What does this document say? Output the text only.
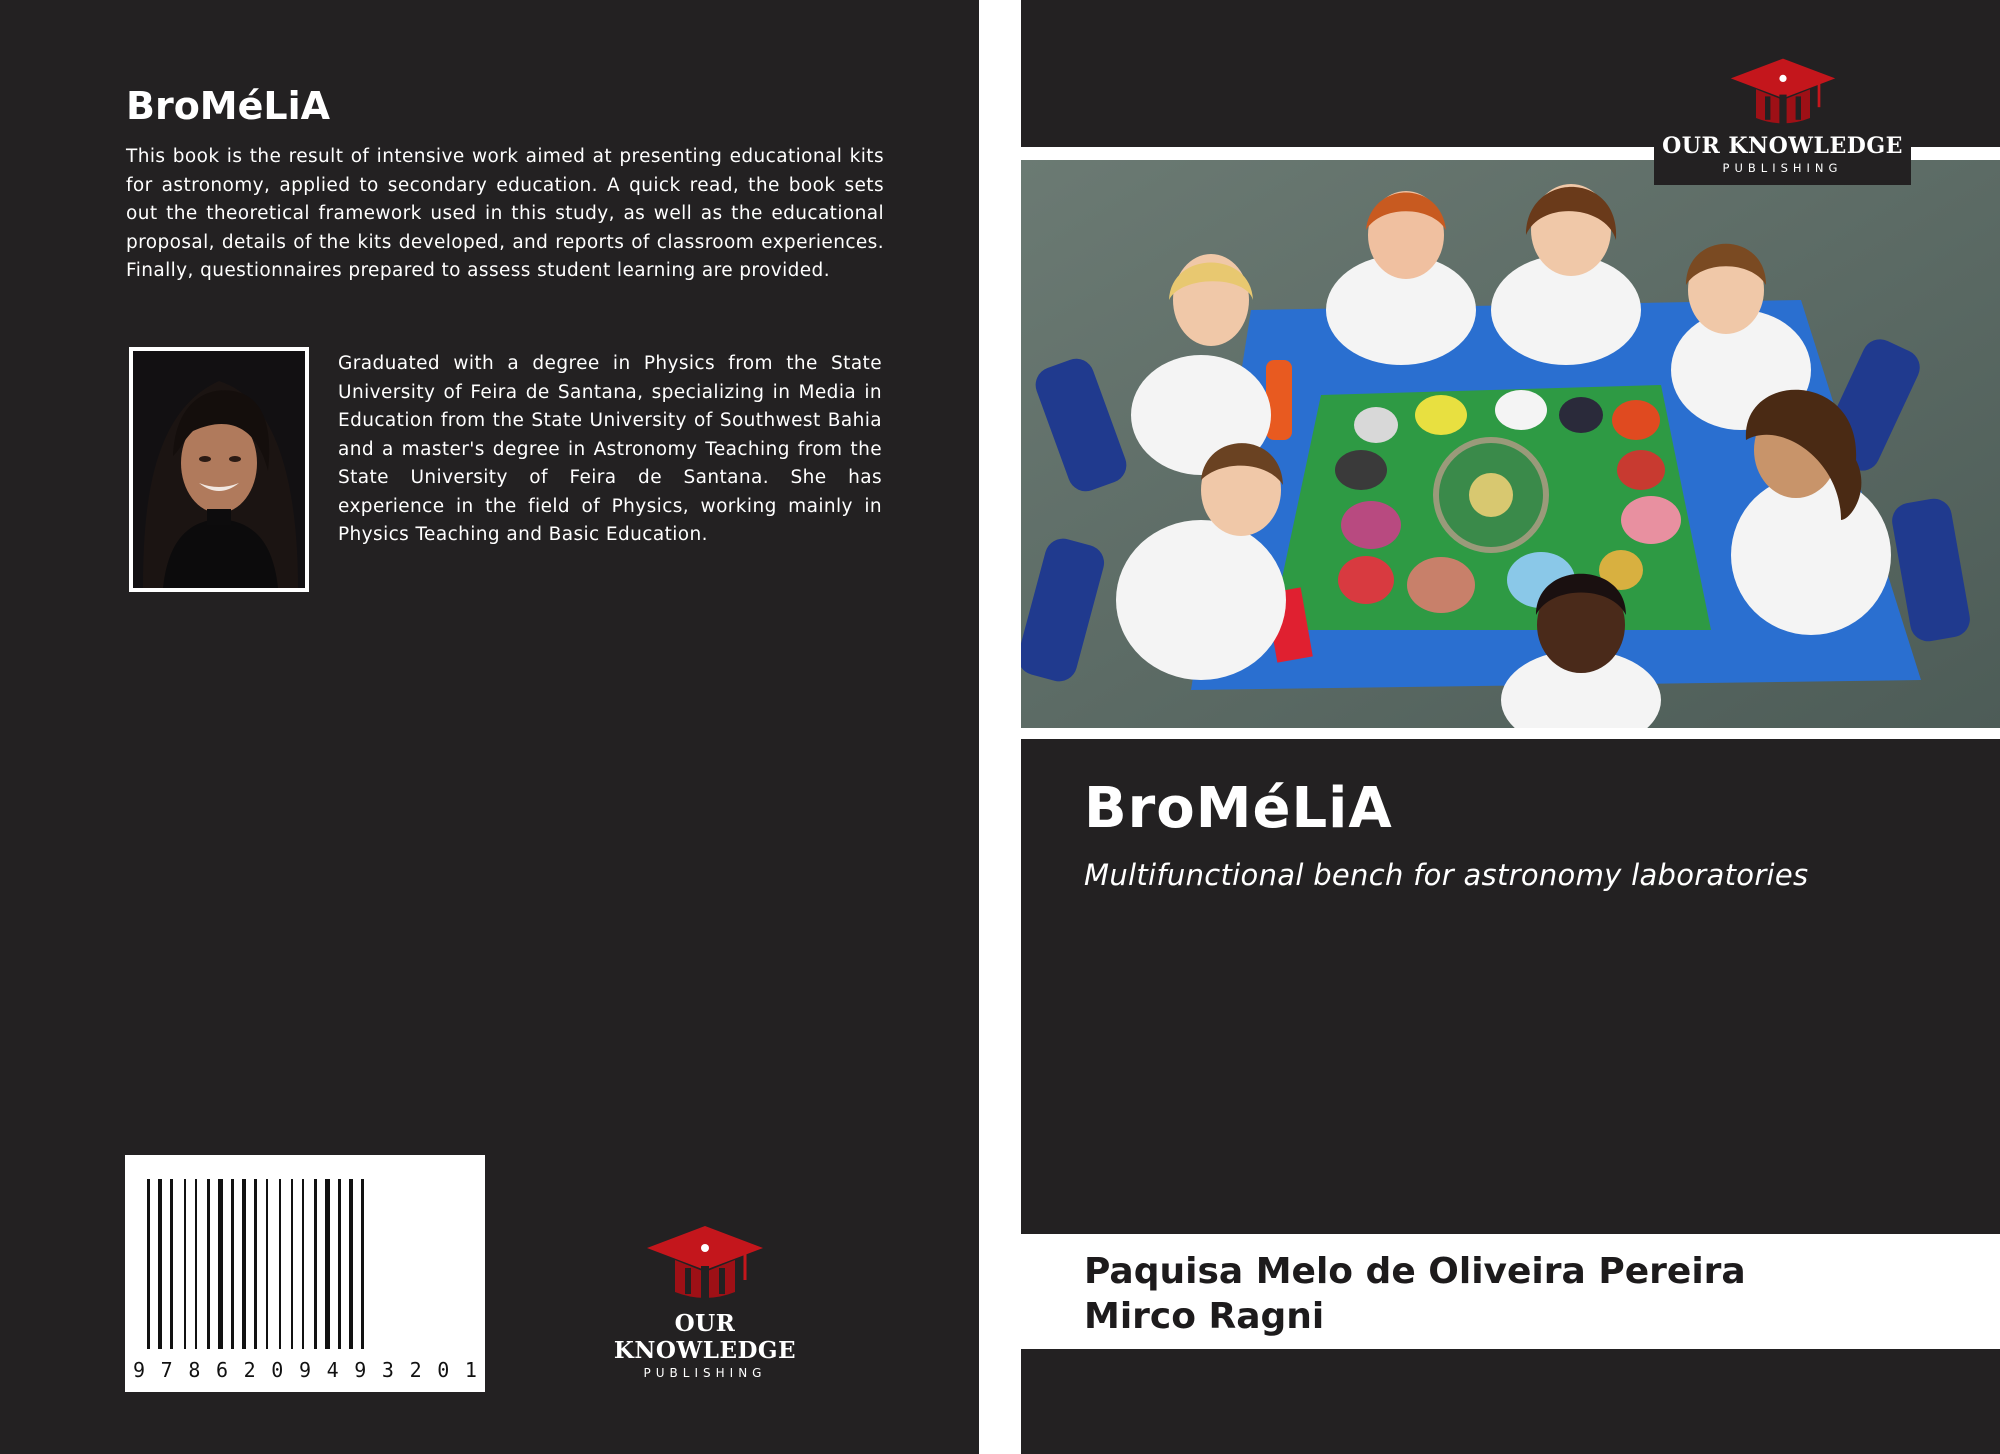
BroMéLiA
This book is the result of intensive work aimed at presenting educational kits for astronomy, applied to secondary education. A quick read, the book sets out the theoretical framework used in this study, as well as the educational proposal, details of the kits developed, and reports of classroom experiences. Finally, questionnaires prepared to assess student learning are provided.
Graduated with a degree in Physics from the State University of Feira de Santana, specializing in Media in Education from the State University of Southwest Bahia and a master's degree in Astronomy Teaching from the State University of Feira de Santana. She has experience in the field of Physics, working mainly in Physics Teaching and Basic Education.
9 7 8 6 2 0 9 4 9 3 2 0 1
OUR KNOWLEDGE
PUBLISHING
OUR KNOWLEDGE
PUBLISHING
BroMéLiA
Multifunctional bench for astronomy laboratories
Paquisa Melo de Oliveira Pereira
Mirco Ragni
